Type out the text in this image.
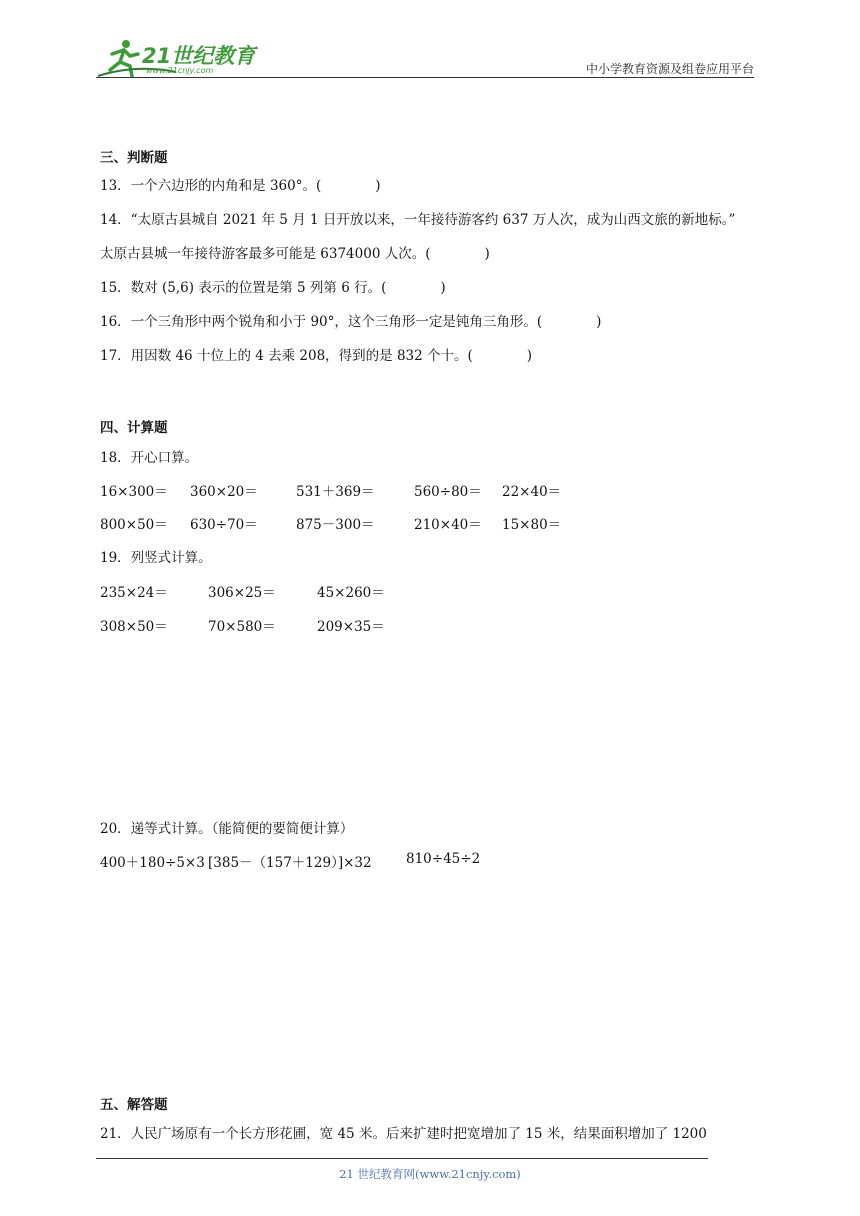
21世纪教育
www.21cnjy.com	中小学教育资源及组卷应用平台
三、判断题
13．一个六边形的内角和是 360°。(　　　　)
14．“太原古县城自 2021 年 5 月 1 日开放以来，一年接待游客约 637 万人次，成为山西文旅的新地标。”
太原古县城一年接待游客最多可能是 6374000 人次。(　　　　)
15．数对 (5,6) 表示的位置是第 5 列第 6 行。(　　　　)
16．一个三角形中两个锐角和小于 90°，这个三角形一定是钝角三角形。(　　　　)
17．用因数 46 十位上的 4 去乘 208，得到的是 832 个十。(　　　　)
四、计算题
18．开心口算。
16×300＝ 360×20＝	531＋369＝	560÷80＝ 22×40＝
800×50＝ 630÷70＝	875－300＝	210×40＝ 15×80＝
19．列竖式计算。
235×24＝	306×25＝	45×260＝
308×50＝	70×580＝	209×35＝
20．递等式计算。（能简便的要简便计算）
400＋180÷5×3 [385－（157＋129）]×32	810÷45÷2
五、解答题
21．人民广场原有一个长方形花圃，宽 45 米。后来扩建时把宽增加了 15 米，结果面积增加了 1200
21 世纪教育网(www.21cnjy.com)
